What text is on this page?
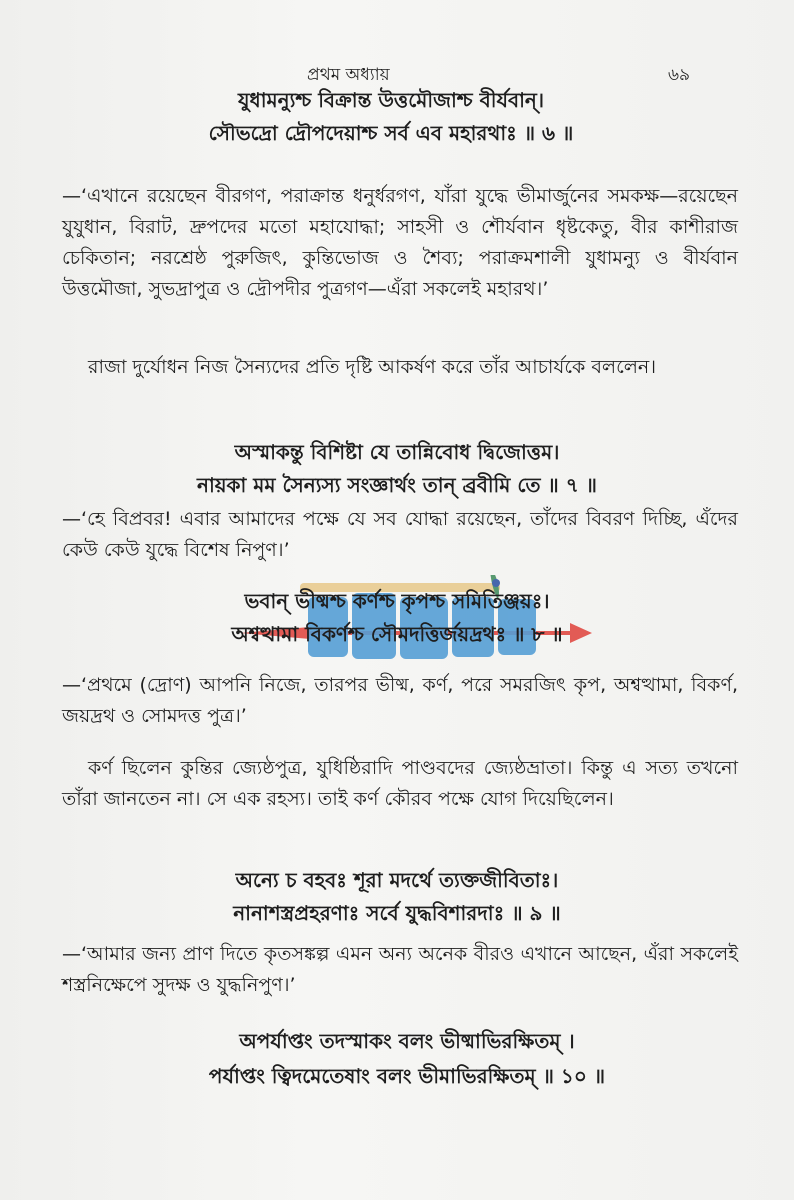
প্রথম অধ্যায়	৬৯
যুধামন্যুশ্চ বিক্রান্ত উত্তমৌজাশ্চ বীর্যবান্।
সৌভদ্রো দ্রৌপদেয়াশ্চ সর্ব এব মহারথাঃ ॥ ৬ ॥
—‘এখানে রয়েছেন বীরগণ, পরাক্রান্ত ধনুর্ধরগণ, যাঁরা যুদ্ধে ভীমার্জুনের সমকক্ষ—রয়েছেন যুযুধান, বিরাট, দ্রুপদের মতো মহাযোদ্ধা; সাহসী ও শৌর্যবান ধৃষ্টকেতু, বীর কাশীরাজ চেকিতান; নরশ্রেষ্ঠ পুরুজিৎ, কুন্তিভোজ ও শৈব্য; পরাক্রমশালী যুধামন্যু ও বীর্যবান উত্তমৌজা, সুভদ্রাপুত্র ও দ্রৌপদীর পুত্রগণ—এঁরা সকলেই মহারথ।’
রাজা দুর্যোধন নিজ সৈন্যদের প্রতি দৃষ্টি আকর্ষণ করে তাঁর আচার্যকে বললেন।
অস্মাকন্তু বিশিষ্টা যে তান্নিবোধ দ্বিজোত্তম।
নায়কা মম সৈন্যস্য সংজ্ঞার্থং তান্ ব্রবীমি তে ॥ ৭ ॥
—‘হে বিপ্রবর! এবার আমাদের পক্ষে যে সব যোদ্ধা রয়েছেন, তাঁদের বিবরণ দিচ্ছি, এঁদের কেউ কেউ যুদ্ধে বিশেষ নিপুণ।’
ভবান্ ভীষ্মশ্চ কর্ণশ্চ কৃপশ্চ সমিতিঞ্জয়ঃ।
অশ্বত্থামা বিকর্ণশ্চ সৌমদত্তির্জয়দ্রথঃ ॥ ৮ ॥
—‘প্রথমে (দ্রোণ) আপনি নিজে, তারপর ভীষ্ম, কর্ণ, পরে সমরজিৎ কৃপ, অশ্বত্থামা, বিকর্ণ, জয়দ্রথ ও সোমদত্ত পুত্র।’
কর্ণ ছিলেন কুন্তির জ্যেষ্ঠপুত্র, যুধিষ্ঠিরাদি পাণ্ডবদের জ্যেষ্ঠভ্রাতা। কিন্তু এ সত্য তখনো তাঁরা জানতেন না। সে এক রহস্য। তাই কর্ণ কৌরব পক্ষে যোগ দিয়েছিলেন।
অন্যে চ বহবঃ শূরা মদর্থে ত্যক্তজীবিতাঃ।
নানাশস্ত্রপ্রহরণাঃ সর্বে যুদ্ধবিশারদাঃ ॥ ৯ ॥
—‘আমার জন্য প্রাণ দিতে কৃতসঙ্কল্প এমন অন্য অনেক বীরও এখানে আছেন, এঁরা সকলেই শস্ত্রনিক্ষেপে সুদক্ষ ও যুদ্ধনিপুণ।’
অপর্যাপ্তং তদস্মাকং বলং ভীষ্মাভিরক্ষিতম্ ।
পর্যাপ্তং ত্বিদমেতেষাং বলং ভীমাভিরক্ষিতম্ ॥ ১০ ॥
